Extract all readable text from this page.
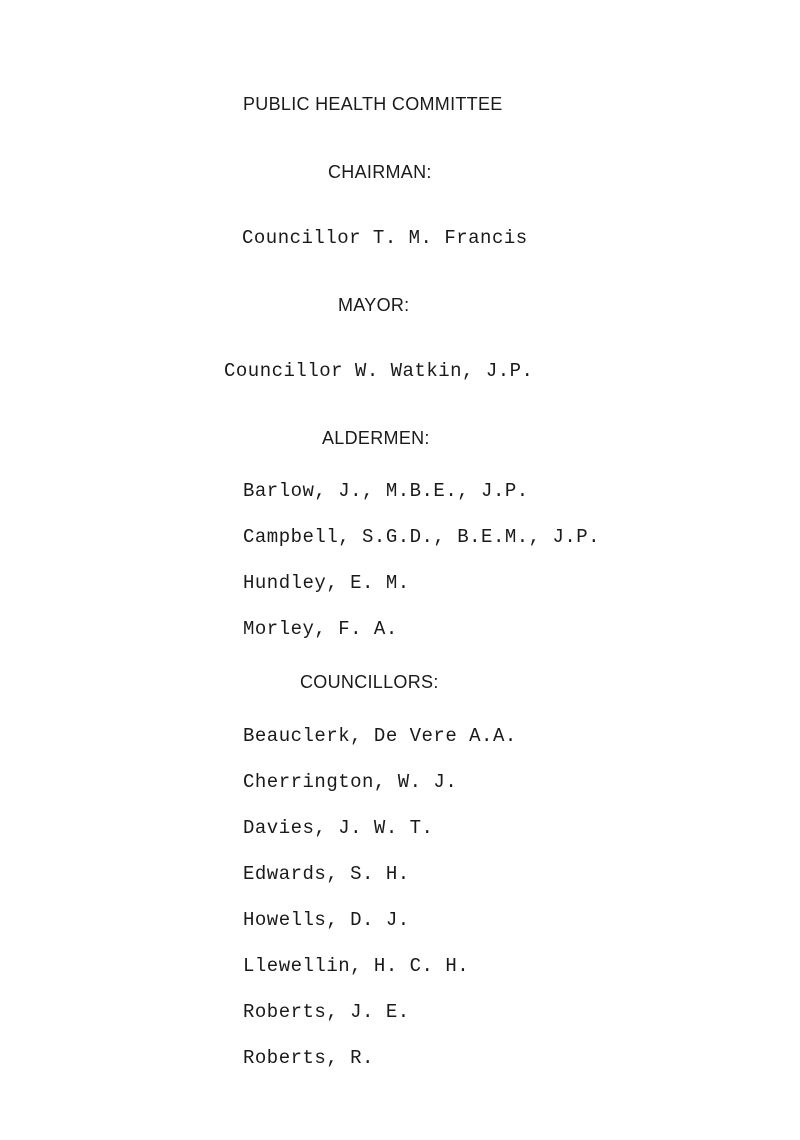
PUBLIC HEALTH COMMITTEE
CHAIRMAN:
Councillor T. M. Francis
MAYOR:
Councillor W. Watkin, J.P.
ALDERMEN:
Barlow, J., M.B.E., J.P.
Campbell, S.G.D., B.E.M., J.P.
Hundley, E. M.
Morley, F. A.
COUNCILLORS:
Beauclerk, De Vere A.A.
Cherrington, W. J.
Davies, J. W. T.
Edwards, S. H.
Howells, D. J.
Llewellin, H. C. H.
Roberts, J. E.
Roberts, R.
